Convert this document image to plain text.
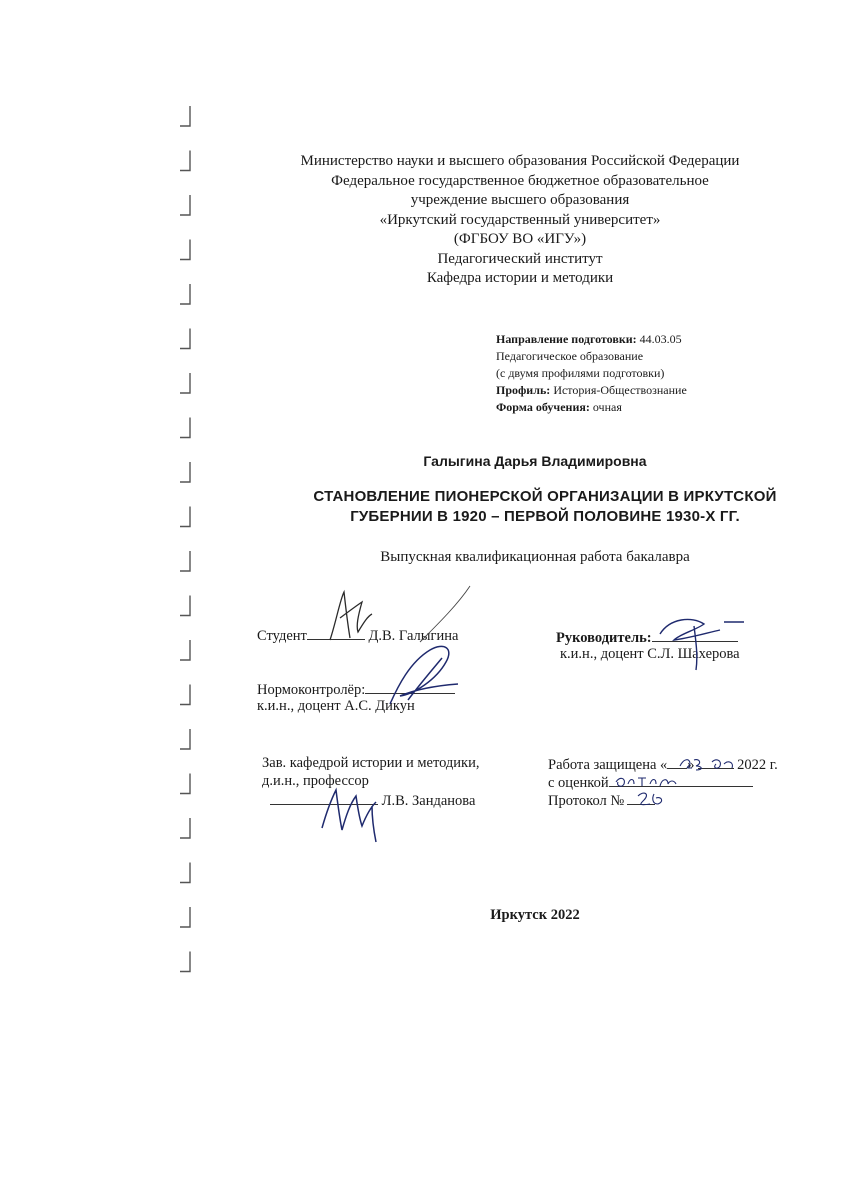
Министерство науки и высшего образования Российской Федерации
Федеральное государственное бюджетное образовательное
учреждение высшего образования
«Иркутский государственный университет»
(ФГБОУ ВО «ИГУ»)
Педагогический институт
Кафедра истории и методики
Направление подготовки: 44.03.05
Педагогическое образование
(с двумя профилями подготовки)
Профиль: История-Обществознание
Форма обучения: очная
Галыгина Дарья Владимировна
СТАНОВЛЕНИЕ ПИОНЕРСКОЙ ОРГАНИЗАЦИИ В ИРКУТСКОЙ
ГУБЕРНИИ В 1920 – ПЕРВОЙ ПОЛОВИНЕ 1930-Х ГГ.
Выпускная квалификационная работа бакалавра
Студент	Д.В. Галыгина	Руководитель:
к.и.н., доцент С.Л. Шахерова
Нормоконтролёр:
к.и.н., доцент А.С. Дикун
Зав. кафедрой истории и методики,
д.и.н., профессор
Л.В. Занданова
Работа защищена « »	2022 г.
с оценкой
Протокол №
Иркутск 2022
